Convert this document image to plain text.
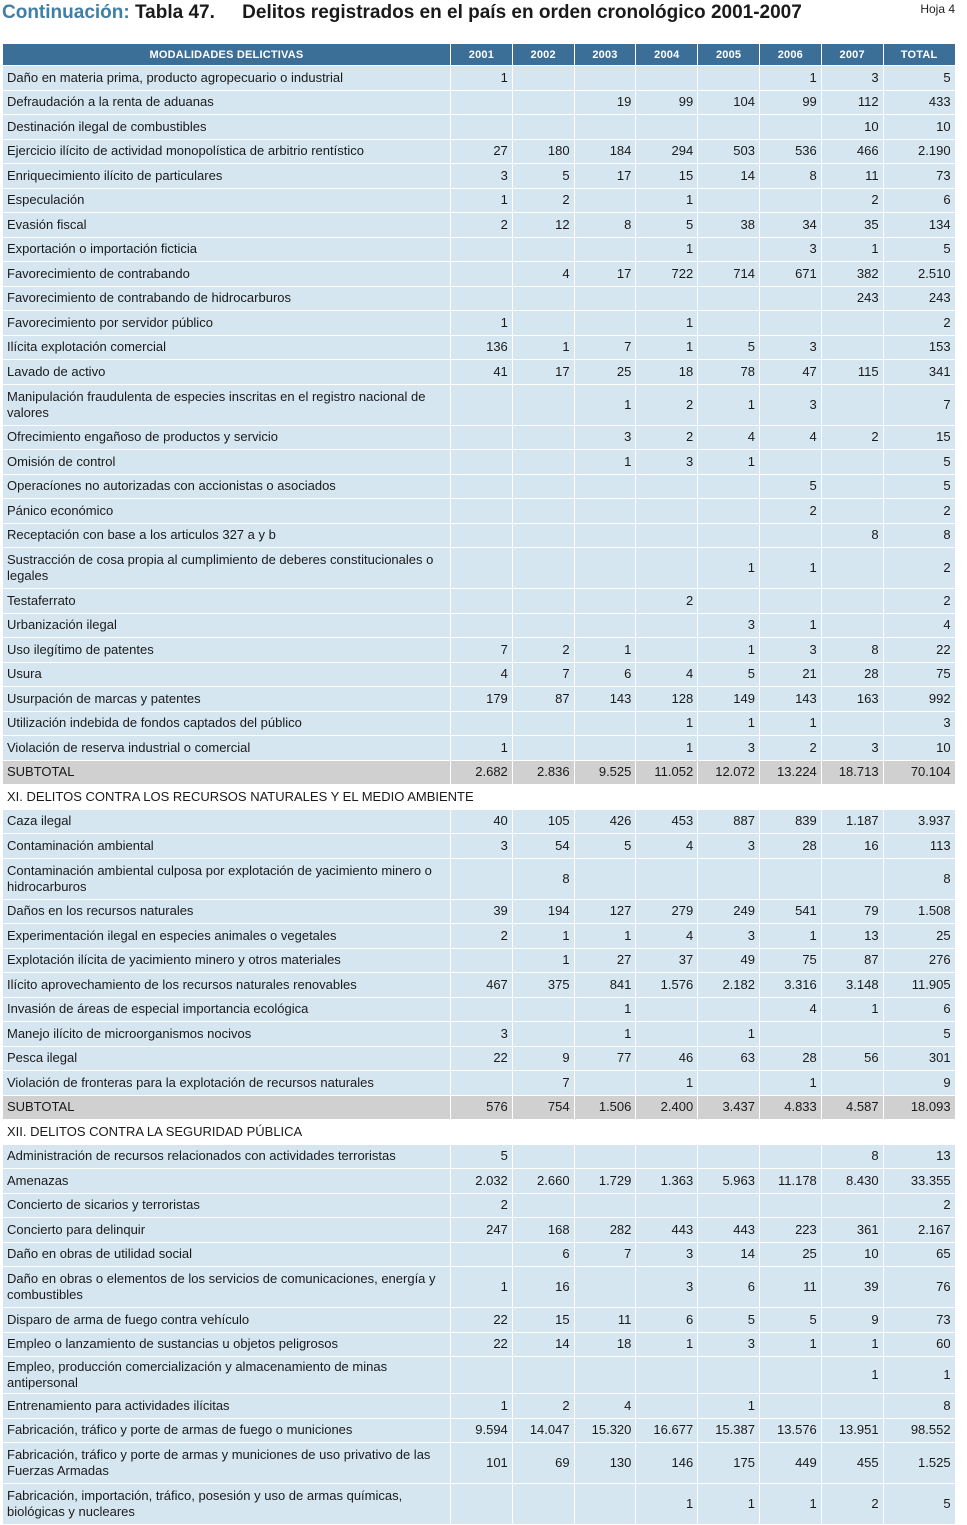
Continuación: Tabla 47. Delitos registrados en el país en orden cronológico 2001-2007	Hoja 4
MODALIDADES DELICTIVAS	2001	2002	2003	2004	2005	2006	2007	TOTAL
Daño en materia prima, producto agropecuario o industrial	1					1	3	5
Defraudación a la renta de aduanas			19	99	104	99	112	433
Destinación ilegal de combustibles							10	10
Ejercicio ilícito de actividad monopolística de arbitrio rentístico	27	180	184	294	503	536	466	2.190
Enriquecimiento ilícito de particulares	3	5	17	15	14	8	11	73
Especulación	1	2		1			2	6
Evasión fiscal	2	12	8	5	38	34	35	134
Exportación o importación ficticia				1		3	1	5
Favorecimiento de contrabando		4	17	722	714	671	382	2.510
Favorecimiento de contrabando de hidrocarburos							243	243
Favorecimiento por servidor público	1			1				2
Ilícita explotación comercial	136	1	7	1	5	3		153
Lavado de activo	41	17	25	18	78	47	115	341
Manipulación fraudulenta de especies inscritas en el registro nacional de valores			1	2	1	3		7
Ofrecimiento engañoso de productos y servicio			3	2	4	4	2	15
Omisión de control			1	3	1			5
Operacíones no autorizadas con accionistas o asociados						5		5
Pánico económico						2		2
Receptación con base a los articulos 327 a y b							8	8
Sustracción de cosa propia al cumplimiento de deberes constitucionales o legales					1	1		2
Testaferrato				2				2
Urbanización ilegal					3	1		4
Uso ilegítimo de patentes	7	2	1		1	3	8	22
Usura	4	7	6	4	5	21	28	75
Usurpación de marcas y patentes	179	87	143	128	149	143	163	992
Utilización indebida de fondos captados del público				1	1	1		3
Violación de reserva industrial o comercial	1			1	3	2	3	10
SUBTOTAL	2.682	2.836	9.525	11.052	12.072	13.224	18.713	70.104
XI. DELITOS CONTRA LOS RECURSOS NATURALES Y EL MEDIO AMBIENTE								
Caza ilegal	40	105	426	453	887	839	1.187	3.937
Contaminación ambiental	3	54	5	4	3	28	16	113
Contaminación ambiental culposa por explotación de yacimiento minero o hidrocarburos		8						8
Daños en los recursos naturales	39	194	127	279	249	541	79	1.508
Experimentación ilegal en especies animales o vegetales	2	1	1	4	3	1	13	25
Explotación ilícita de yacimiento minero y otros materiales		1	27	37	49	75	87	276
Ilícito aprovechamiento de los recursos naturales renovables	467	375	841	1.576	2.182	3.316	3.148	11.905
Invasión de áreas de especial importancia ecológica			1			4	1	6
Manejo ilícito de microorganismos nocivos	3		1		1			5
Pesca ilegal	22	9	77	46	63	28	56	301
Violación de fronteras para la explotación de recursos naturales		7		1		1		9
SUBTOTAL	576	754	1.506	2.400	3.437	4.833	4.587	18.093
XII. DELITOS CONTRA LA SEGURIDAD PÚBLICA								
Administración de recursos relacionados con actividades terroristas	5						8	13
Amenazas	2.032	2.660	1.729	1.363	5.963	11.178	8.430	33.355
Concierto de sicarios y terroristas	2							2
Concierto para delinquir	247	168	282	443	443	223	361	2.167
Daño en obras de utilidad social		6	7	3	14	25	10	65
Daño en obras o elementos de los servicios de comunicaciones, energía y combustibles	1	16		3	6	11	39	76
Disparo de arma de fuego contra vehículo	22	15	11	6	5	5	9	73
Empleo o lanzamiento de sustancias u objetos peligrosos	22	14	18	1	3	1	1	60
Empleo, producción comercialización y almacenamiento de minas antipersonal							1	1
Entrenamiento para actividades ilícitas	1	2	4		1			8
Fabricación, tráfico y porte de armas de fuego o municiones	9.594	14.047	15.320	16.677	15.387	13.576	13.951	98.552
Fabricación, tráfico y porte de armas y municiones de uso privativo de las Fuerzas Armadas	101	69	130	146	175	449	455	1.525
Fabricación, importación, tráfico, posesión y uso de armas químicas, biológicas y nucleares				1	1	1	2	5
